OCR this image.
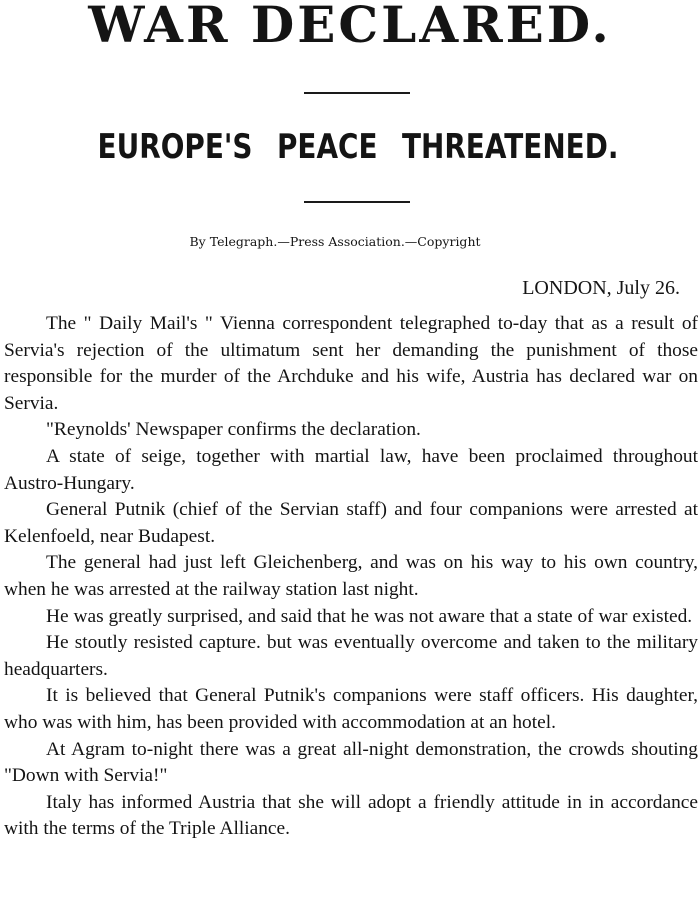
WAR DECLARED.
EUROPE'S PEACE THREATENED.
By Telegraph.—Press Association.—Copyright
LONDON, July 26.

The " Daily Mail's " Vienna correspondent telegraphed to-day that as a result of Servia's rejection of the ultimatum sent her demanding the punishment of those responsible for the murder of the Archduke and his wife, Austria has declared war on Servia.

"Reynolds' Newspaper confirms the declaration.

A state of seige, together with martial law, have been proclaimed throughout Austro-Hungary.

General Putnik (chief of the Servian staff) and four companions were arrested at Kelenfoeld, near Budapest.

The general had just left Gleichenberg, and was on his way to his own country, when he was arrested at the railway station last night.

He was greatly surprised, and said that he was not aware that a state of war existed.

He stoutly resisted capture. but was eventually overcome and taken to the military headquarters.

It is believed that General Putnik's companions were staff officers. His daughter, who was with him, has been provided with accommodation at an hotel.

At Agram to-night there was a great all-night demonstration, the crowds shouting "Down with Servia!"

Italy has informed Austria that she will adopt a friendly attitude in in accordance with the terms of the Triple Alliance.
